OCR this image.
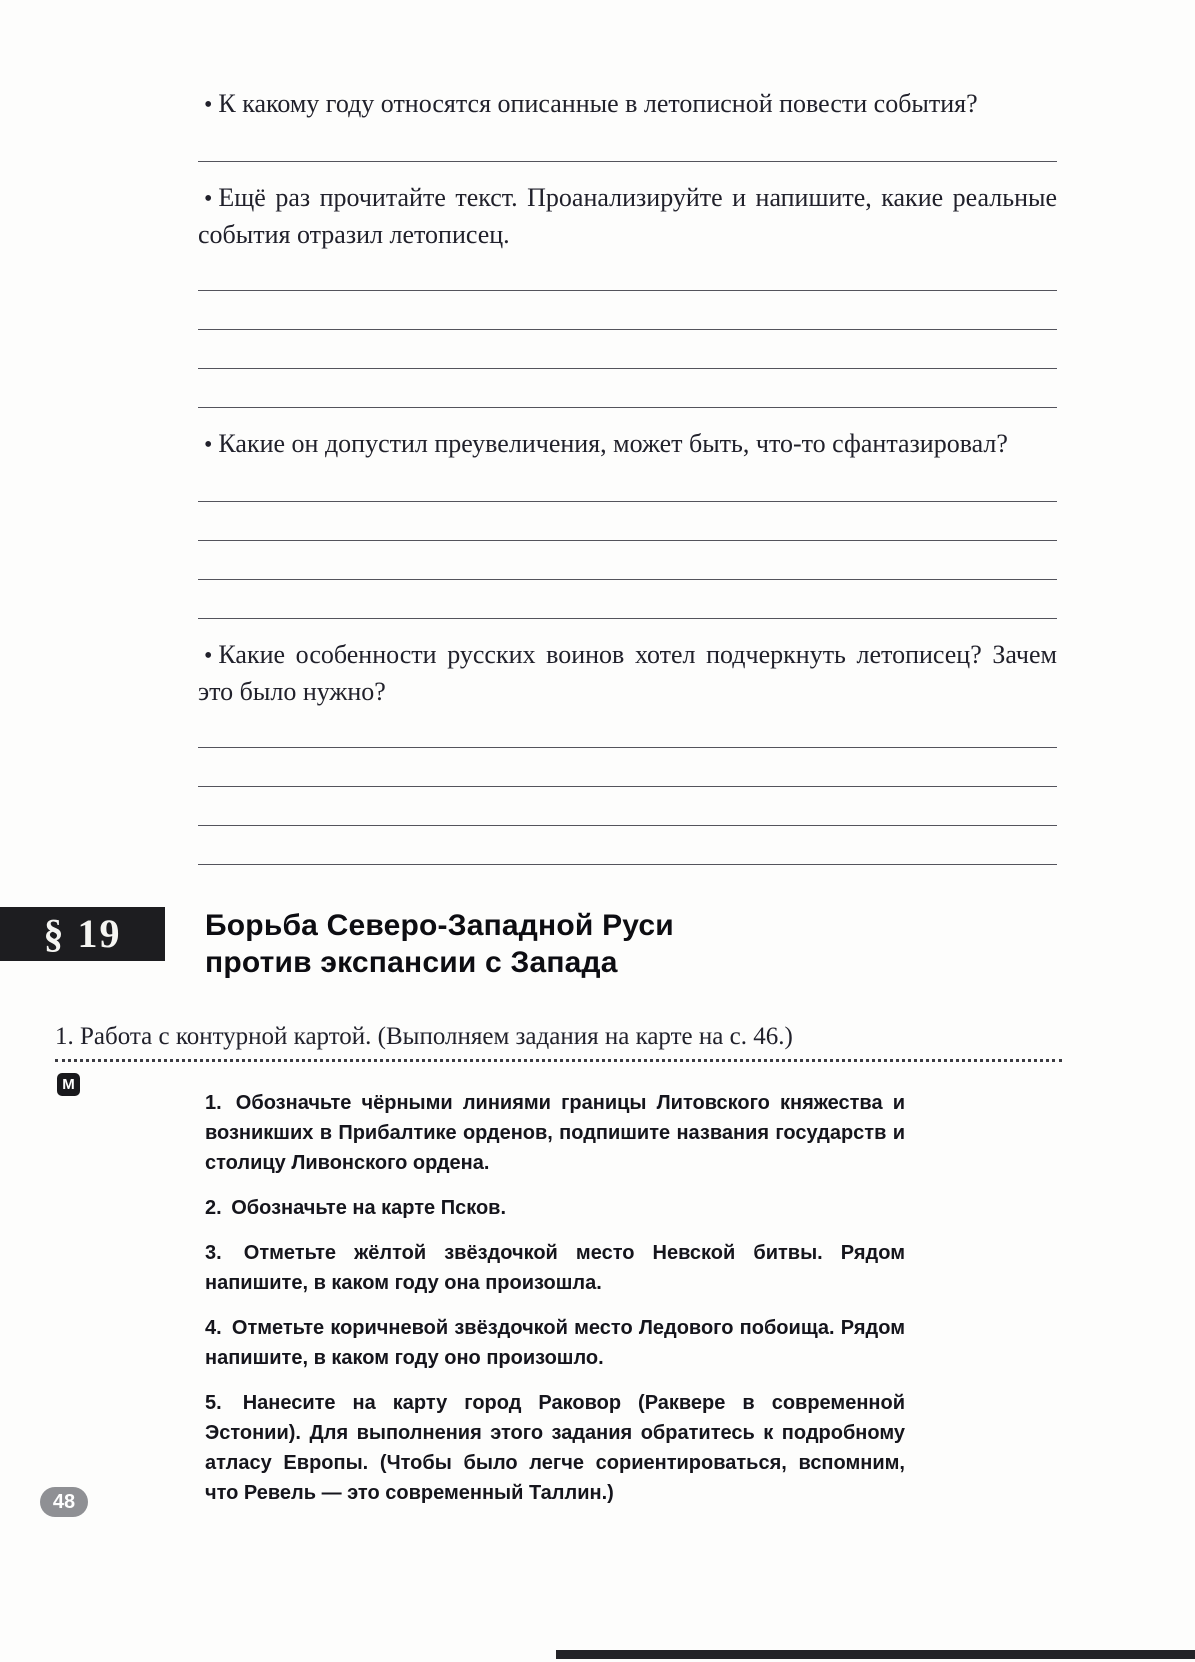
• К какому году относятся описанные в летописной повести события?

• Ещё раз прочитайте текст. Проанализируйте и напишите, какие реальные события отразил летописец.

• Какие он допустил преувеличения, может быть, что-то сфантазировал?

• Какие особенности русских воинов хотел подчеркнуть летописец? Зачем это было нужно?

§ 19	Борьба Северо-Западной Руси
против экспансии с Запада
1. Работа с контурной картой. (Выполняем задания на карте на с. 46.)
М

1. Обозначьте чёрными линиями границы Литовского княжества и возникших в Прибалтике орденов, подпишите названия государств и столицу Ливонского ордена.

2. Обозначьте на карте Псков.

3. Отметьте жёлтой звёздочкой место Невской битвы. Рядом напишите, в каком году она произошла.

4. Отметьте коричневой звёздочкой место Ледового побоища. Рядом напишите, в каком году оно произошло.

5. Нанесите на карту город Раковор (Раквере в современной Эстонии). Для выполнения этого задания обратитесь к подробному атласу Европы. (Чтобы было легче сориентироваться, вспомним, что Ревель — это современный Таллин.)

48
